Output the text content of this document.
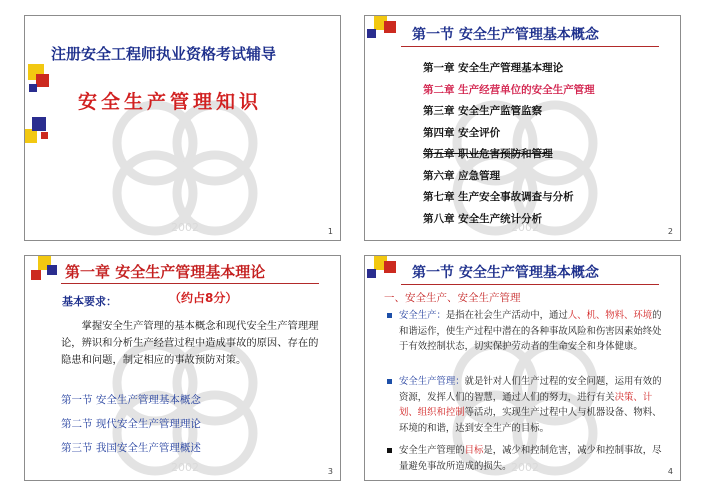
2002
注册安全工程师执业资格考试辅导
安全生产管理知识
1	2002
第一节 安全生产管理基本概念
第一章 安全生产管理基本理论
第二章 生产经营单位的安全生产管理
第三章 安全生产监管监察
第四章 安全评价
第五章 职业危害预防和管理
第六章 应急管理
第七章 生产安全事故调查与分析
第八章 安全生产统计分析
2
2002
第一章 安全生产管理基本理论
基本要求：	（约占8分）

掌握安全生产管理的基本概念和现代安全生产管理理论，辨识和分析生产经营过程中造成事故的原因、存在的隐患和问题，制定相应的事故预防对策。

第一节 安全生产管理基本概念
第二节 现代安全生产管理理论
第三节 我国安全生产管理概述
3	2002
第一节 安全生产管理基本概念
一、安全生产、安全生产管理

安全生产：是指在社会生产活动中，通过人、机、物料、环境的和谐运作，使生产过程中潜在的各种事故风险和伤害因素始终处于有效控制状态，切实保护劳动者的生命安全和身体健康。

安全生产管理：就是针对人们生产过程的安全问题，运用有效的资源，发挥人们的智慧，通过人们的努力，进行有关决策、计划、组织和控制等活动，实现生产过程中人与机器设备、物料、环境的和谐，达到安全生产的目标。

安全生产管理的目标是，减少和控制危害，减少和控制事故，尽量避免事故所造成的损失。	4
